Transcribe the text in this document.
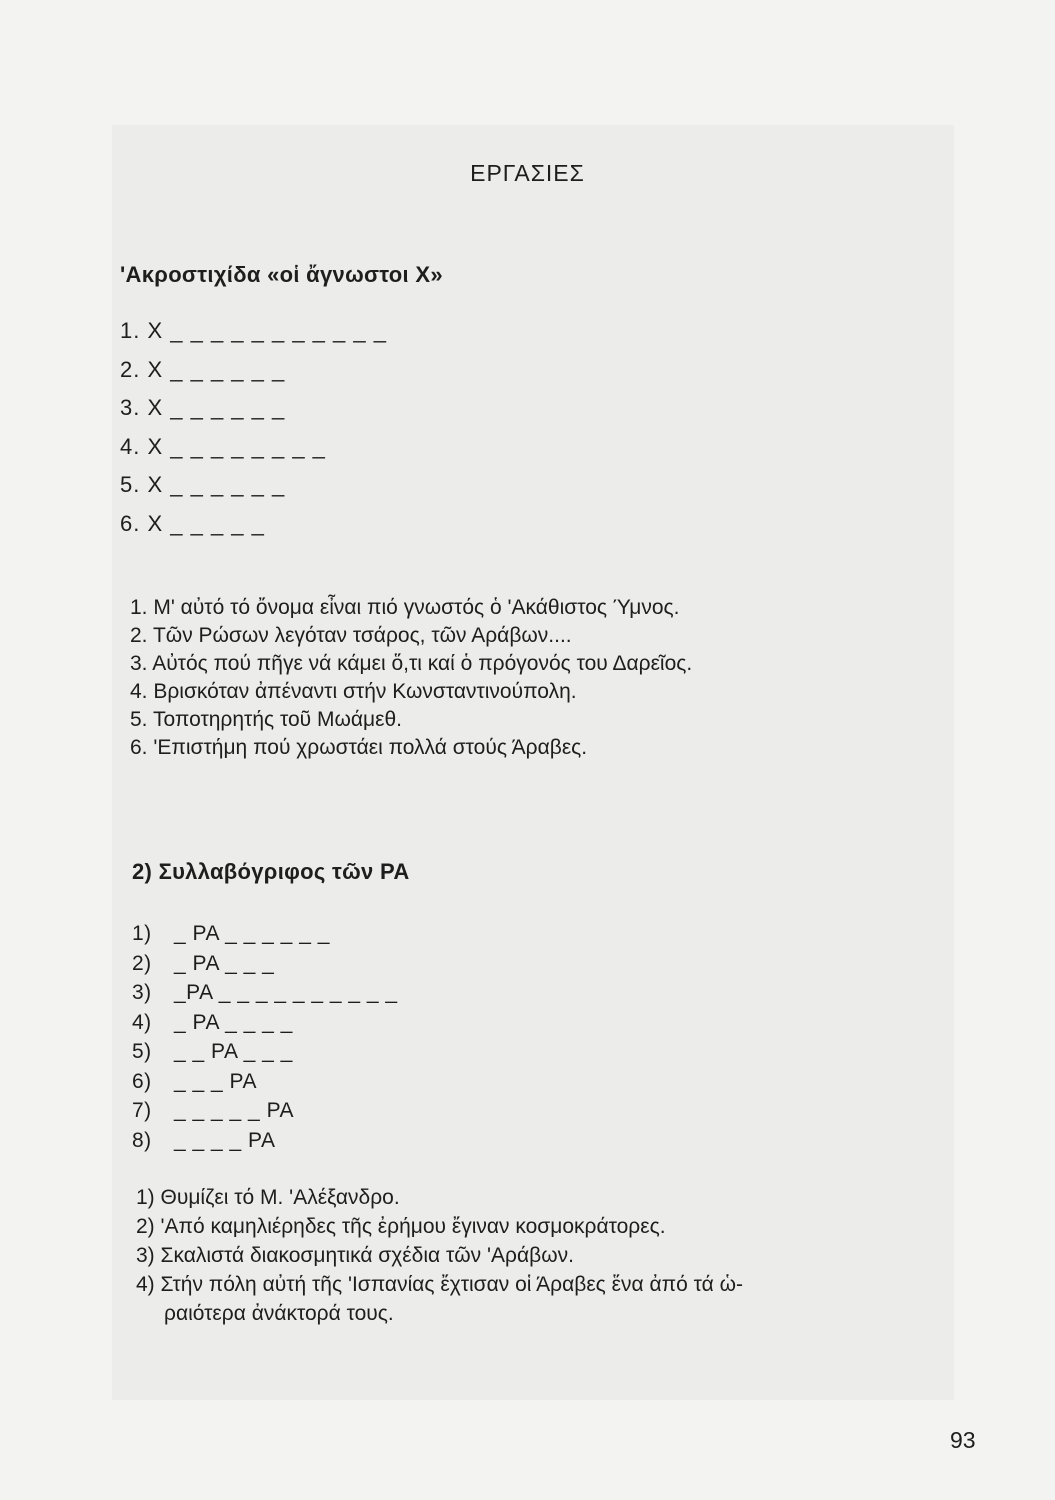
ΕΡΓΑΣΙΕΣ
'Ακροστιχίδα «οἱ ἄγνωστοι Χ»
1. Χ _ _ _ _ _ _ _ _ _ _ _
2. Χ _ _ _ _ _ _
3. Χ _ _ _ _ _ _
4. Χ _ _ _ _ _ _ _ _
5. Χ _ _ _ _ _ _
6. Χ _ _ _ _ _
1. Μ' αὐτό τό ὄνομα εἶναι πιό γνωστός ὁ 'Ακάθιστος Ύμνος.
2. Τῶν Ρώσων λεγόταν τσάρος, τῶν Αράβων....
3. Αὐτός πού πῆγε νά κάμει ὅ,τι καί ὁ πρόγονός του Δαρεῖος.
4. Βρισκόταν ἀπέναντι στήν Κωνσταντινούπολη.
5. Τοποτηρητής τοῦ Μωάμεθ.
6. 'Επιστήμη πού χρωστάει πολλά στούς Άραβες.
2) Συλλαβόγριφος τῶν ΡΑ
1) _ ΡΑ _ _ _ _ _ _
2) _ ΡΑ _ _ _
3) _ΡΑ _ _ _ _ _ _ _ _ _ _
4) _ ΡΑ _ _ _ _
5) _ _ ΡΑ _ _ _
6) _ _ _ ΡΑ
7) _ _ _ _ _ ΡΑ
8) _ _ _ _ ΡΑ
1) Θυμίζει τό Μ. 'Αλέξανδρο.
2) 'Από καμηλιέρηδες τῆς ἐρήμου ἔγιναν κοσμοκράτορες.
3) Σκαλιστά διακοσμητικά σχέδια τῶν 'Αράβων.
4) Στήν πόλη αὐτή τῆς 'Ισπανίας ἔχτισαν οἱ Άραβες ἕνα ἀπό τά ὡ-
ραιότερα ἀνάκτορά τους.
93
